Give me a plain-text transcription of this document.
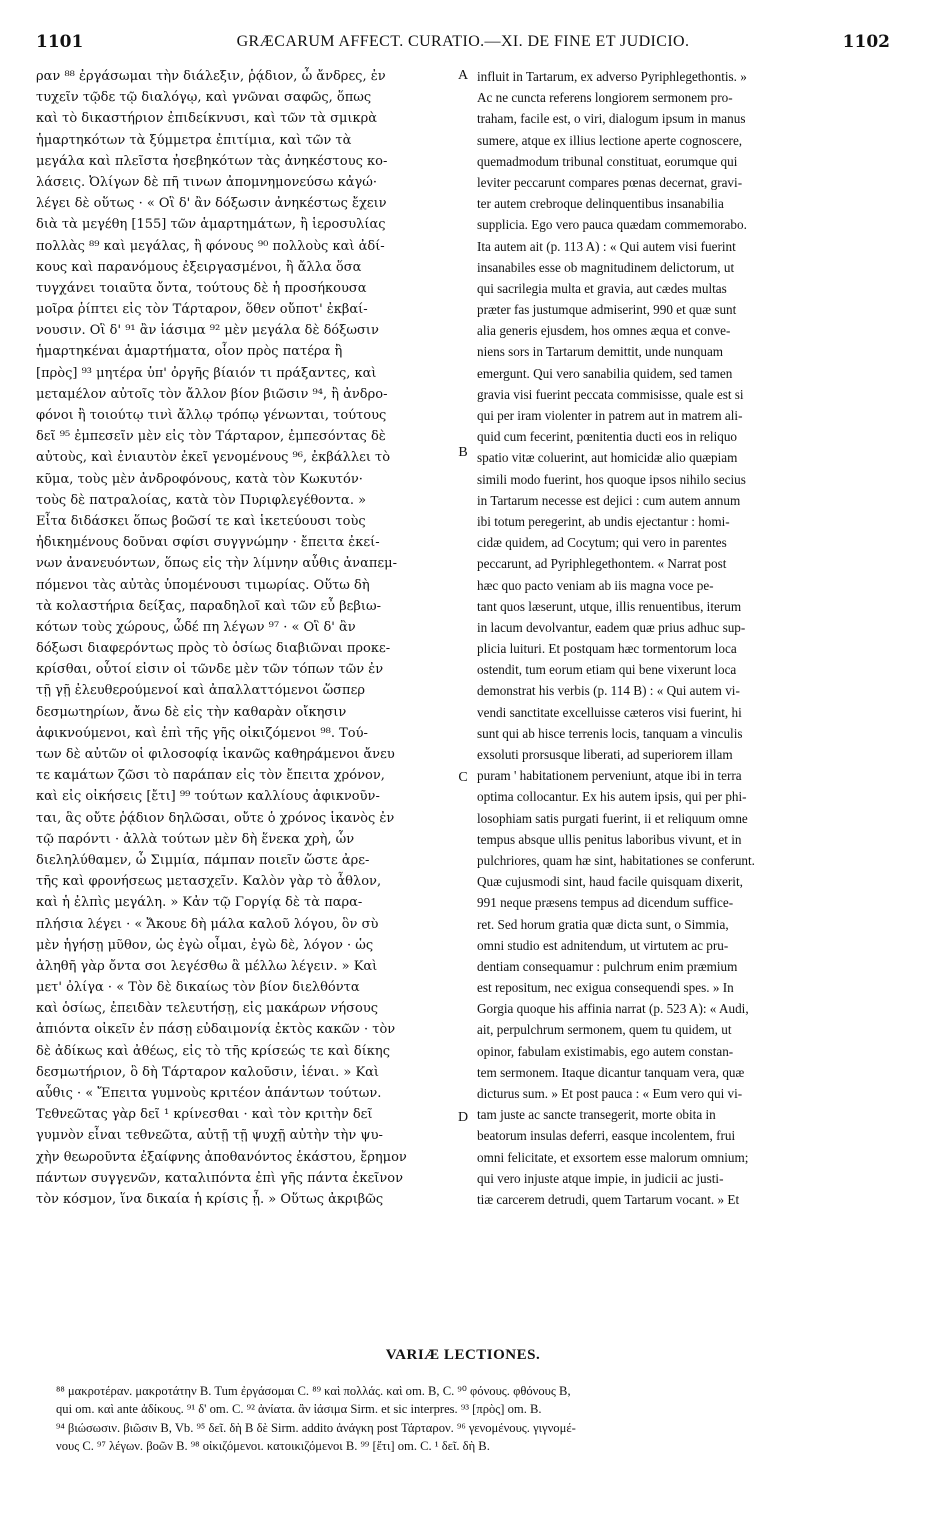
1101	GRÆCARUM AFFECT. CURATIO.—XI. DE FINE ET JUDICIO.	1102
ραν ⁸⁸ ἐργάσωμαι τὴν διάλεξιν, ῥᾴδιον, ὦ ἄνδρες, ἐν
τυχεῖν τῷδε τῷ διαλόγῳ, καὶ γνῶναι σαφῶς, ὅπως
καὶ τὸ δικαστήριον ἐπιδείκνυσι, καὶ τῶν τὰ σμικρὰ
ἡμαρτηκότων τὰ ξύμμετρα ἐπιτίμια, καὶ τῶν τὰ
μεγάλα καὶ πλεῖστα ἠσεβηκότων τὰς ἀνηκέστους κο-
λάσεις. Ὀλίγων δὲ πῆ τινων ἀπομνημονεύσω κἀγώ·
λέγει δὲ οὕτως · « Οἳ δ' ἂν δόξωσιν ἀνηκέστως ἔχειν
διὰ τὰ μεγέθη [155] τῶν ἁμαρτημάτων, ἢ ἱεροσυλίας
πολλὰς ⁸⁹ καὶ μεγάλας, ἢ φόνους ⁹⁰ πολλοὺς καὶ ἀδί-
κους καὶ παρανόμους ἐξειργασμένοι, ἢ ἄλλα ὅσα
τυγχάνει τοιαῦτα ὄντα, τούτους δὲ ἡ προσήκουσα
μοῖρα ῥίπτει εἰς τὸν Τάρταρον, ὅθεν οὔποτ' ἐκβαί-
νουσιν. Οἳ δ' ⁹¹ ἂν ἰάσιμα ⁹² μὲν μεγάλα δὲ δόξωσιν
ἡμαρτηκέναι ἁμαρτήματα, οἷον πρὸς πατέρα ἢ
[πρὸς] ⁹³ μητέρα ὑπ' ὀργῆς βίαιόν τι πράξαντες, καὶ
μεταμέλον αὐτοῖς τὸν ἄλλον βίον βιῶσιν ⁹⁴, ἢ ἀνδρο-
φόνοι ἢ τοιούτῳ τινὶ ἄλλῳ τρόπῳ γένωνται, τούτους
δεῖ ⁹⁵ ἐμπεσεῖν μὲν εἰς τὸν Τάρταρον, ἐμπεσόντας δὲ
αὐτοὺς, καὶ ἐνιαυτὸν ἐκεῖ γενομένους ⁹⁶, ἐκβάλλει τὸ
κῦμα, τοὺς μὲν ἀνδροφόνους, κατὰ τὸν Κωκυτόν·
τοὺς δὲ πατραλοίας, κατὰ τὸν Πυριφλεγέθοντα. »
Εἶτα διδάσκει ὅπως βοῶσί τε καὶ ἱκετεύουσι τοὺς
ἠδικημένους δοῦναι σφίσι συγγνώμην · ἔπειτα ἐκεί-
νων ἀνανευόντων, ὅπως εἰς τὴν λίμνην αὖθις ἀναπεμ-
πόμενοι τὰς αὐτὰς ὑπομένουσι τιμωρίας. Οὕτω δὴ
τὰ κολαστήρια δείξας, παραδηλοῖ καὶ τῶν εὖ βεβιω-
κότων τοὺς χώρους, ὧδέ πη λέγων ⁹⁷ · « Οἳ δ' ἂν
δόξωσι διαφερόντως πρὸς τὸ ὁσίως διαβιῶναι προκε-
κρίσθαι, οὗτοί εἰσιν οἱ τῶνδε μὲν τῶν τόπων τῶν ἐν
τῇ γῇ ἐλευθερούμενοί καὶ ἀπαλλαττόμενοι ὥσπερ
δεσμωτηρίων, ἄνω δὲ εἰς τὴν καθαρὰν οἴκησιν
ἀφικνούμενοι, καὶ ἐπὶ τῆς γῆς οἰκιζόμενοι ⁹⁸. Τού-
των δὲ αὐτῶν οἱ φιλοσοφίᾳ ἱκανῶς καθηράμενοι ἄνευ
τε καμάτων ζῶσι τὸ παράπαν εἰς τὸν ἔπειτα χρόνον,
καὶ εἰς οἰκήσεις [ἔτι] ⁹⁹ τούτων καλλίους ἀφικνοῦν-
ται, ἃς οὔτε ῥᾴδιον δηλῶσαι, οὔτε ὁ χρόνος ἱκανὸς ἐν
τῷ παρόντι · ἀλλὰ τούτων μὲν δὴ ἕνεκα χρὴ, ὧν
διεληλύθαμεν, ὦ Σιμμία, πάμπαν ποιεῖν ὥστε ἀρε-
τῆς καὶ φρονήσεως μετασχεῖν. Καλὸν γὰρ τὸ ἆθλον,
καὶ ἡ ἐλπὶς μεγάλη. » Κἀν τῷ Γοργίᾳ δὲ τὰ παρα-
πλήσια λέγει · « Ἄκουε δὴ μάλα καλοῦ λόγου, ὃν σὺ
μὲν ἡγήσῃ μῦθον, ὡς ἐγὼ οἶμαι, ἐγὼ δὲ, λόγον · ὡς
ἀληθῆ γὰρ ὄντα σοι λεγέσθω ἃ μέλλω λέγειν. » Καὶ
μετ' ὀλίγα · « Τὸν δὲ δικαίως τὸν βίον διελθόντα
καὶ ὁσίως, ἐπειδὰν τελευτήσῃ, εἰς μακάρων νήσους
ἀπιόντα οἰκεῖν ἐν πάσῃ εὐδαιμονίᾳ ἐκτὸς κακῶν · τὸν
δὲ ἀδίκως καὶ ἀθέως, εἰς τὸ τῆς κρίσεώς τε καὶ δίκης
δεσμωτήριον, ὃ δὴ Τάρταρον καλοῦσιν, ἰέναι. » Καὶ
αὖθις · « Ἔπειτα γυμνοὺς κριτέον ἁπάντων τούτων.
Τεθνεῶτας γὰρ δεῖ ¹ κρίνεσθαι · καὶ τὸν κριτὴν δεῖ
γυμνὸν εἶναι τεθνεῶτα, αὐτῇ τῇ ψυχῇ αὐτὴν τὴν ψυ-
χὴν θεωροῦντα ἐξαίφνης ἀποθανόντος ἑκάστου, ἔρημον
πάντων συγγενῶν, καταλιπόντα ἐπὶ γῆς πάντα ἐκεῖνον
τὸν κόσμον, ἵνα δικαία ἡ κρίσις ᾖ. » Οὕτως ἀκριβῶς
A
B
C
D
influit in Tartarum, ex adverso Pyriphlegethontis. »
Ac ne cuncta referens longiorem sermonem pro-
traham, facile est, o viri, dialogum ipsum in manus
sumere, atque ex illius lectione aperte cognoscere,
quemadmodum tribunal constituat, eorumque qui
leviter peccarunt compares pœnas decernat, gravi-
ter autem crebroque delinquentibus insanabilia
supplicia. Ego vero pauca quædam commemorabo.
Ita autem ait (p. 113 A) : « Qui autem visi fuerint
insanabiles esse ob magnitudinem delictorum, ut
qui sacrilegia multa et gravia, aut cædes multas
præter fas justumque admiserint, 990 et quæ sunt
alia generis ejusdem, hos omnes æqua et conve-
niens sors in Tartarum demittit, unde nunquam
emergunt. Qui vero sanabilia quidem, sed tamen
gravia visi fuerint peccata commisisse, quale est si
qui per iram violenter in patrem aut in matrem ali-
quid cum fecerint, pœnitentia ducti eos in reliquo
spatio vitæ coluerint, aut homicidæ alio quæpiam
simili modo fuerint, hos quoque ipsos nihilo secius
in Tartarum necesse est dejici : cum autem annum
ibi totum peregerint, ab undis ejectantur : homi-
cidæ quidem, ad Cocytum; qui vero in parentes
peccarunt, ad Pyriphlegethontem. « Narrat post
hæc quo pacto veniam ab iis magna voce pe-
tant quos læserunt, utque, illis renuentibus, iterum
in lacum devolvantur, eadem quæ prius adhuc sup-
plicia luituri. Et postquam hæc tormentorum loca
ostendit, tum eorum etiam qui bene vixerunt loca
demonstrat his verbis (p. 114 B) : « Qui autem vi-
vendi sanctitate excelluisse cæteros visi fuerint, hi
sunt qui ab hisce terrenis locis, tanquam a vinculis
exsoluti prorsusque liberati, ad superiorem illam
puram ' habitationem perveniunt, atque ibi in terra
optima collocantur. Ex his autem ipsis, qui per phi-
losophiam satis purgati fuerint, ii et reliquum omne
tempus absque ullis penitus laboribus vivunt, et in
pulchriores, quam hæ sint, habitationes se conferunt.
Quæ cujusmodi sint, haud facile quisquam dixerit,
991 neque præsens tempus ad dicendum suffice-
ret. Sed horum gratia quæ dicta sunt, o Simmia,
omni studio est adnitendum, ut virtutem ac pru-
dentiam consequamur : pulchrum enim præmium
est repositum, nec exigua consequendi spes. » In
Gorgia quoque his affinia narrat (p. 523 A): « Audi,
ait, perpulchrum sermonem, quem tu quidem, ut
opinor, fabulam existimabis, ego autem constan-
tem sermonem. Itaque dicantur tanquam vera, quæ
dicturus sum. » Et post pauca : « Eum vero qui vi-
tam juste ac sancte transegerit, morte obita in
beatorum insulas deferri, easque incolentem, frui
omni felicitate, et exsortem esse malorum omnium;
qui vero injuste atque impie, in judicii ac justi-
tiæ carcerem detrudi, quem Tartarum vocant. » Et
VARIÆ LECTIONES.
⁸⁸ μακροτέραν. μακροτάτην B. Tum ἐργάσομαι C. ⁸⁹ καὶ πολλάς. καὶ om. B, C. ⁹⁰ φόνους. φθόνους B,
qui om. καὶ ante ἀδίκους. ⁹¹ δ' om. C. ⁹² ἀνίατα. ἂν ἰάσιμα Sirm. et sic interpres. ⁹³ [πρὸς] om. B.
⁹⁴ βιώσωσιν. βιῶσιν B, Vb. ⁹⁵ δεῖ. δὴ B δὲ Sirm. addito ἀνάγκη post Τάρταρον. ⁹⁶ γενομένους. γιγνομέ-
νους C. ⁹⁷ λέγων. βοῶν B. ⁹⁸ οἰκιζόμενοι. κατοικιζόμενοι B. ⁹⁹ [ἔτι] om. C. ¹ δεῖ. δὴ B.
